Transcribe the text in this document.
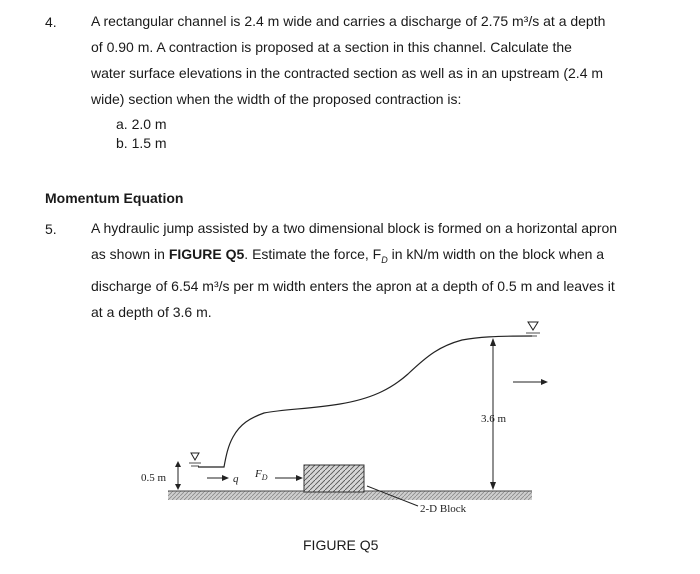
4. A rectangular channel is 2.4 m wide and carries a discharge of 2.75 m³/s at a depth
of 0.90 m. A contraction is proposed at a section in this channel. Calculate the
water surface elevations in the contracted section as well as in an upstream (2.4 m
wide) section when the width of the proposed contraction is:
a. 2.0 m
b. 1.5 m
Momentum Equation
5. A hydraulic jump assisted by a two dimensional block is formed on a horizontal apron
as shown in FIGURE Q5. Estimate the force, $F_D$ in kN/m width on the block when a
discharge of 6.54 m³/s per m width enters the apron at a depth of 0.5 m and leaves it
at a depth of 3.6 m.
0.5 m	q $F_D$
2-D Block
3.6 m
FIGURE Q5
